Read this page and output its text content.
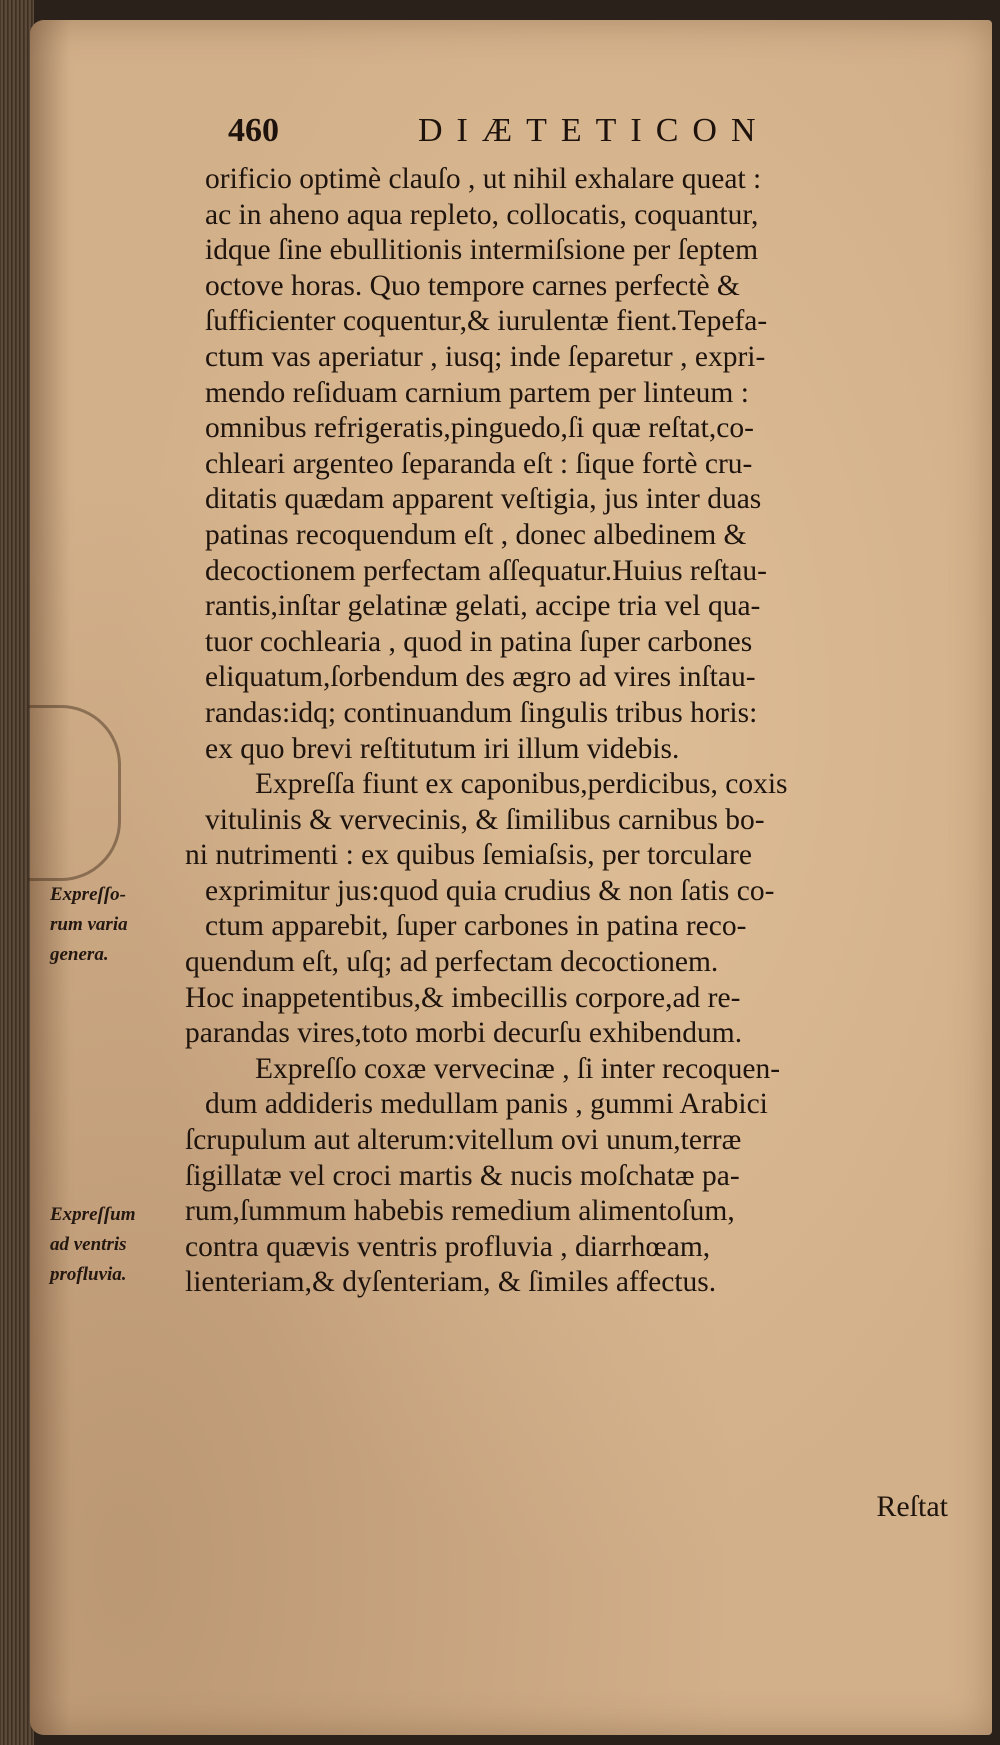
460	DIÆTETICON
orificio optimè clauſo , ut nihil exhalare queat :
ac in aheno aqua repleto, collocatis, coquantur,
idque ſine ebullitionis intermiſsione per ſeptem
octove horas. Quo tempore carnes perfectè &
ſufficienter coquentur,& iurulentæ fient.Tepefa-
ctum vas aperiatur , iusq; inde ſeparetur , expri-
mendo reſiduam carnium partem per linteum :
omnibus refrigeratis,pinguedo,ſi quæ reſtat,co-
chleari argenteo ſeparanda eſt : ſique fortè cru-
ditatis quædam apparent veſtigia, jus inter duas
patinas recoquendum eſt , donec albedinem &
decoctionem perfectam aſſequatur.Huius reſtau-
rantis,inſtar gelatinæ gelati, accipe tria vel qua-
tuor cochlearia , quod in patina ſuper carbones
eliquatum,ſorbendum des ægro ad vires inſtau-
randas:idq; continuandum ſingulis tribus horis:
ex quo brevi reſtitutum iri illum videbis.
Expreſſa fiunt ex caponibus,perdicibus, coxis
vitulinis & vervecinis, & ſimilibus carnibus bo-
ni nutrimenti : ex quibus ſemiaſsis, per torculare
exprimitur jus:quod quia crudius & non ſatis co-
ctum apparebit, ſuper carbones in patina reco-
quendum eſt, uſq; ad perfectam decoctionem.
Hoc inappetentibus,& imbecillis corpore,ad re-
parandas vires,toto morbi decurſu exhibendum.
Expreſſo coxæ vervecinæ , ſi inter recoquen-
dum addideris medullam panis , gummi Arabici
ſcrupulum aut alterum:vitellum ovi unum,terræ
ſigillatæ vel croci martis & nucis moſchatæ pa-
rum,ſummum habebis remedium alimentoſum,
contra quævis ventris profluvia , diarrhœam,
lienteriam,& dyſenteriam, & ſimiles affectus.
Expreſſo-
rum varia
genera.
Expreſſum
ad ventris
profluvia.
Reſtat
